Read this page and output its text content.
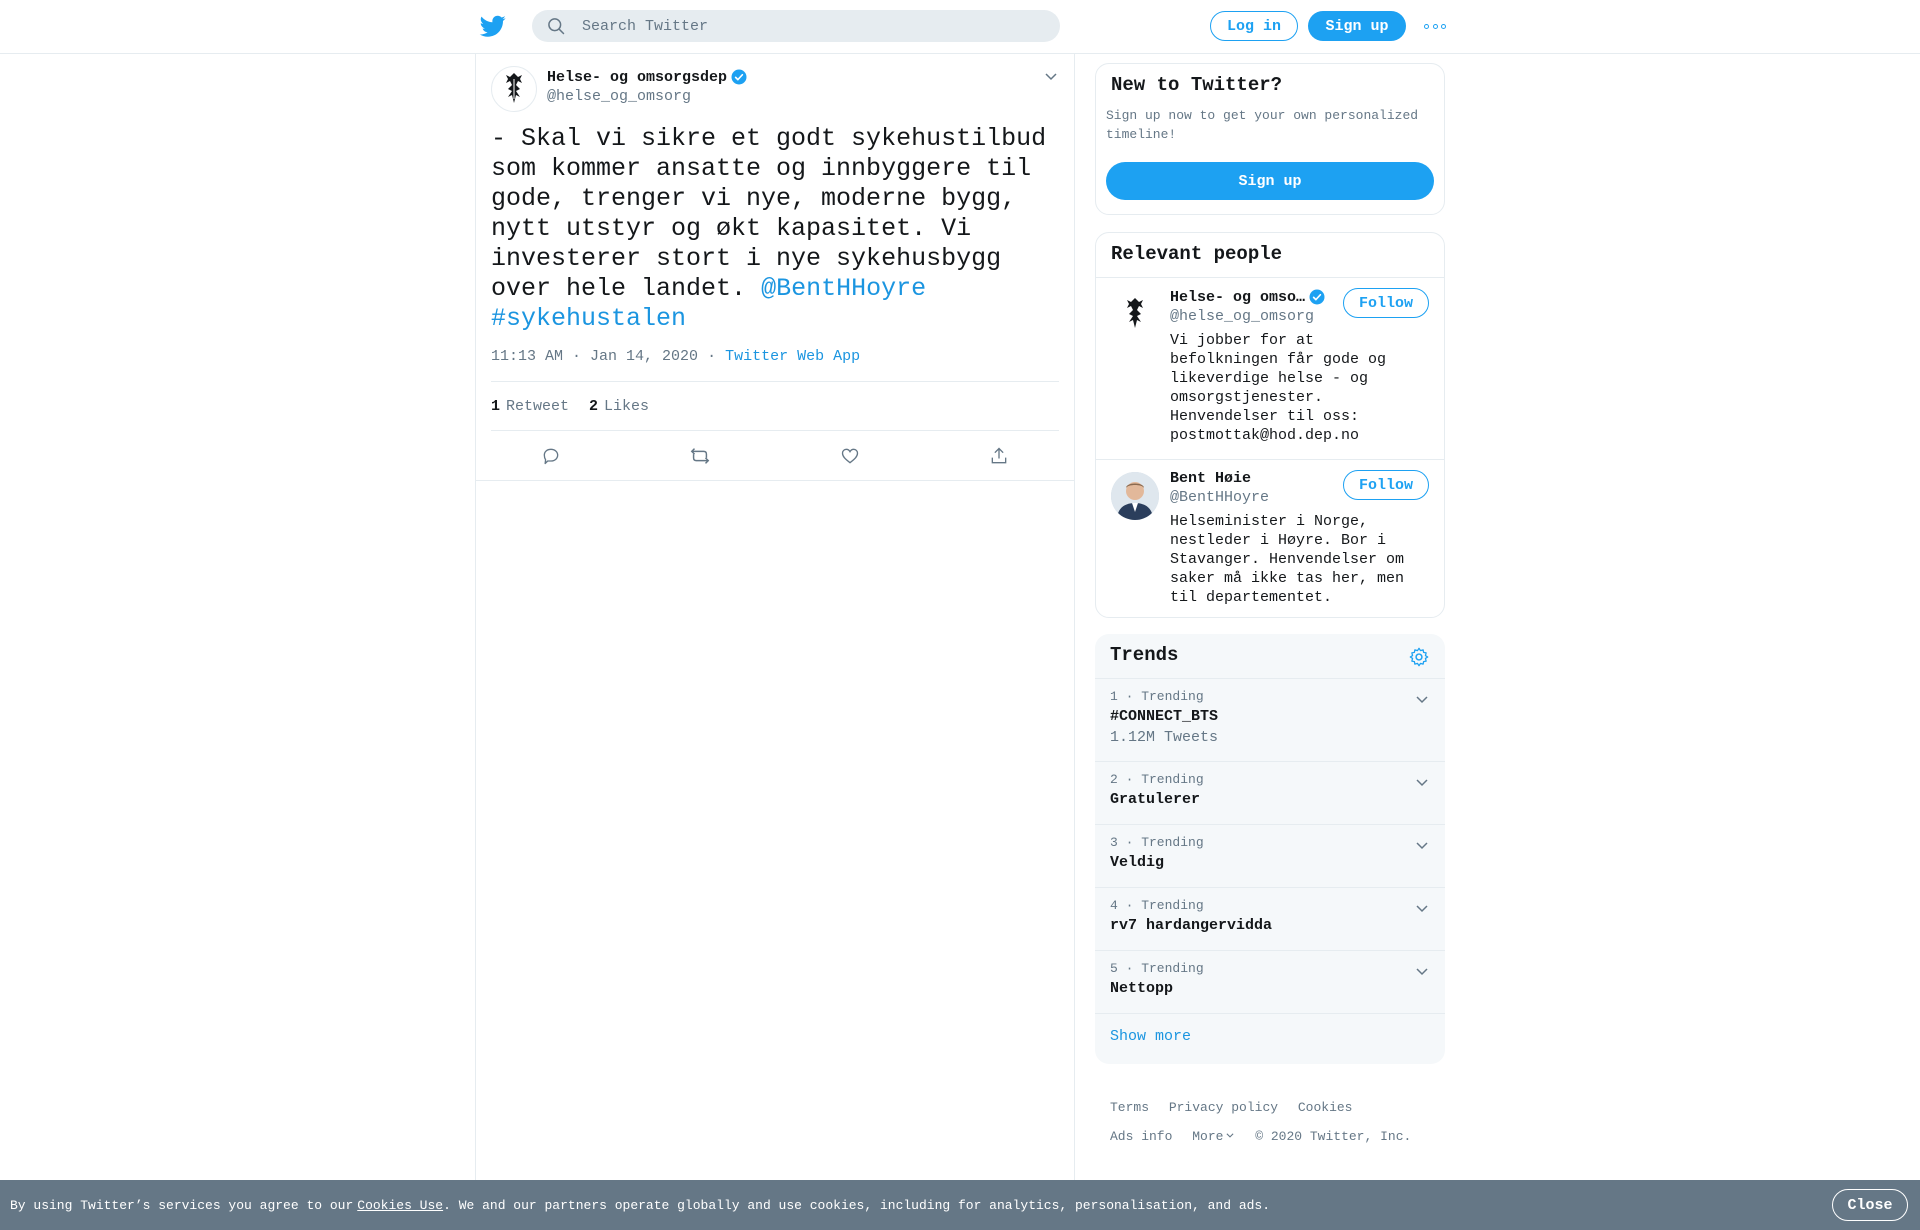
Search Twitter
Log in	Sign up
Helse- og omsorgsdep
@helse_og_omsorg
- Skal vi sikre et godt sykehustilbud som kommer ansatte og innbyggere til gode, trenger vi nye, moderne bygg, nytt utstyr og økt kapasitet. Vi investerer stort i nye sykehusbygg over hele landet. @BentHHoyre #sykehustalen
11:13 AM · Jan 14, 2020 · Twitter Web App
1 Retweet 2 Likes
New to Twitter?
Sign up now to get your own personalized timeline!
Sign up
Relevant people
Helse- og omso…
@helse_og_omsorg
Vi jobber for at befolkningen får gode og likeverdige helse - og omsorgstjenester. Henvendelser til oss: postmottak@hod.dep.no
Follow
Bent Høie
@BentHHoyre
Helseminister i Norge, nestleder i Høyre. Bor i Stavanger. Henvendelser om saker må ikke tas her, men til departementet.
Follow
Trends
1 · Trending
#CONNECT_BTS
1.12M Tweets
2 · Trending
Gratulerer
3 · Trending
Veldig
4 · Trending
rv7 hardangervidda
5 · Trending
Nettopp
Show more
Terms Privacy policy Cookies
Ads info More © 2020 Twitter, Inc.
By using Twitter’s services you agree to our Cookies Use . We and our partners operate globally and use cookies, including for analytics, personalisation, and ads.	Close
